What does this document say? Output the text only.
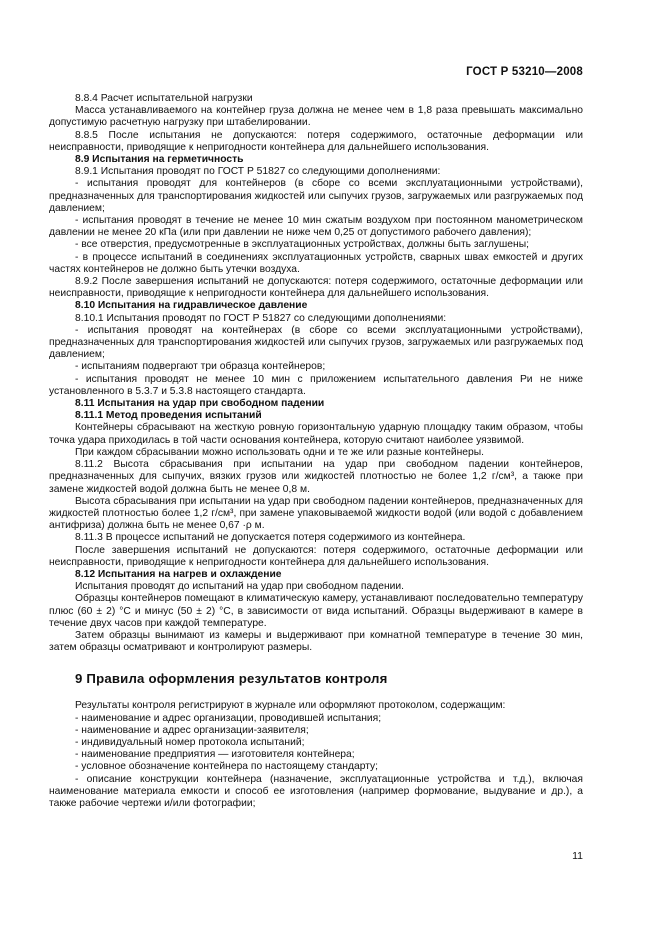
ГОСТ Р 53210—2008

8.8.4 Расчет испытательной нагрузки

Масса устанавливаемого на контейнер груза должна не менее чем в 1,8 раза превышать максимально допустимую расчетную нагрузку при штабелировании.

8.8.5 После испытания не допускаются: потеря содержимого, остаточные деформации или неисправности, приводящие к непригодности контейнера для дальнейшего использования.

8.9 Испытания на герметичность

8.9.1 Испытания проводят по ГОСТ Р 51827 со следующими дополнениями:

- испытания проводят для контейнеров (в сборе со всеми эксплуатационными устройствами), предназначенных для транспортирования жидкостей или сыпучих грузов, загружаемых или разгружаемых под давлением;

- испытания проводят в течение не менее 10 мин сжатым воздухом при постоянном манометрическом давлении не менее 20 кПа (или при давлении не ниже чем 0,25 от допустимого рабочего давления);

- все отверстия, предусмотренные в эксплуатационных устройствах, должны быть заглушены;

- в процессе испытаний в соединениях эксплуатационных устройств, сварных швах емкостей и других частях контейнеров не должно быть утечки воздуха.

8.9.2 После завершения испытаний не допускаются: потеря содержимого, остаточные деформации или неисправности, приводящие к непригодности контейнера для дальнейшего использования.

8.10 Испытания на гидравлическое давление

8.10.1 Испытания проводят по ГОСТ Р 51827 со следующими дополнениями:

- испытания проводят на контейнерах (в сборе со всеми эксплуатационными устройствами), предназначенных для транспортирования жидкостей или сыпучих грузов, загружаемых или разгружаемых под давлением;

- испытаниям подвергают три образца контейнеров;

- испытания проводят не менее 10 мин с приложением испытательного давления Pи не ниже установленного в 5.3.7 и 5.3.8 настоящего стандарта.

8.11 Испытания на удар при свободном падении

8.11.1 Метод проведения испытаний

Контейнеры сбрасывают на жесткую ровную горизонтальную ударную площадку таким образом, чтобы точка удара приходилась в той части основания контейнера, которую считают наиболее уязвимой.

При каждом сбрасывании можно использовать одни и те же или разные контейнеры.

8.11.2 Высота сбрасывания при испытании на удар при свободном падении контейнеров, предназначенных для сыпучих, вязких грузов или жидкостей плотностью не более 1,2 г/см³, а также при замене жидкостей водой должна быть не менее 0,8 м.

Высота сбрасывания при испытании на удар при свободном падении контейнеров, предназначенных для жидкостей плотностью более 1,2 г/см³, при замене упаковываемой жидкости водой (или водой с добавлением антифриза) должна быть не менее 0,67 ·ρ м.

8.11.3 В процессе испытаний не допускается потеря содержимого из контейнера.

После завершения испытаний не допускаются: потеря содержимого, остаточные деформации или неисправности, приводящие к непригодности контейнера для дальнейшего использования.

8.12 Испытания на нагрев и охлаждение

Испытания проводят до испытаний на удар при свободном падении.

Образцы контейнеров помещают в климатическую камеру, устанавливают последовательно температуру плюс (60 ± 2) °С и минус (50 ± 2) °С, в зависимости от вида испытаний. Образцы выдерживают в камере в течение двух часов при каждой температуре.

Затем образцы вынимают из камеры и выдерживают при комнатной температуре в течение 30 мин, затем образцы осматривают и контролируют размеры.

9 Правила оформления результатов контроля

Результаты контроля регистрируют в журнале или оформляют протоколом, содержащим:

- наименование и адрес организации, проводившей испытания;

- наименование и адрес организации-заявителя;

- индивидуальный номер протокола испытаний;

- наименование предприятия — изготовителя контейнера;

- условное обозначение контейнера по настоящему стандарту;

- описание конструкции контейнера (назначение, эксплуатационные устройства и т.д.), включая наименование материала емкости и способ ее изготовления (например формование, выдувание и др.), а также рабочие чертежи и/или фотографии;

11
